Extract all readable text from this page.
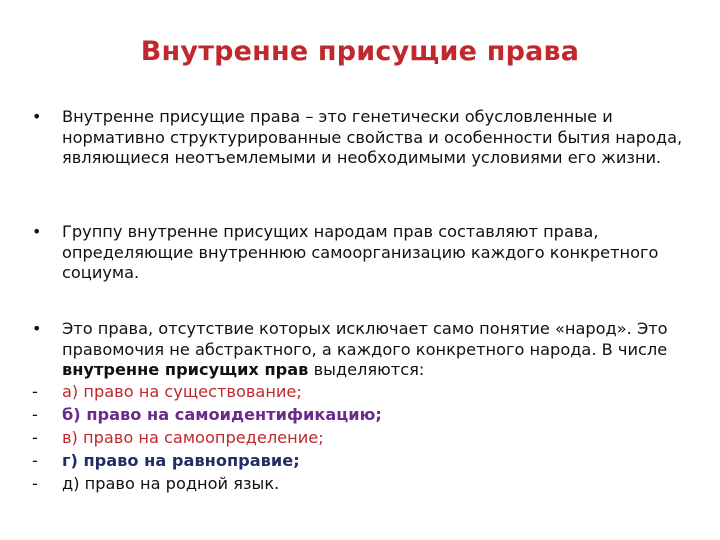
Внутренне присущие права
• Внутренне присущие права – это генетически обусловленные и нормативно структурированные свойства и особенности бытия народа, являющиеся неотъемлемыми и необходимыми условиями его жизни.
• Группу внутренне присущих народам прав составляют права, определяющие внутреннюю самоорганизацию каждого конкретного социума.
• Это права, отсутствие которых исключает само понятие «народ». Это правомочия не абстрактного, а каждого конкретного народа. В числе внутренне присущих прав выделяются:
- а) право на существование;
- б) право на самоидентификацию;
- в) право на самоопределение;
- г) право на равноправие;
- д) право на родной язык.
